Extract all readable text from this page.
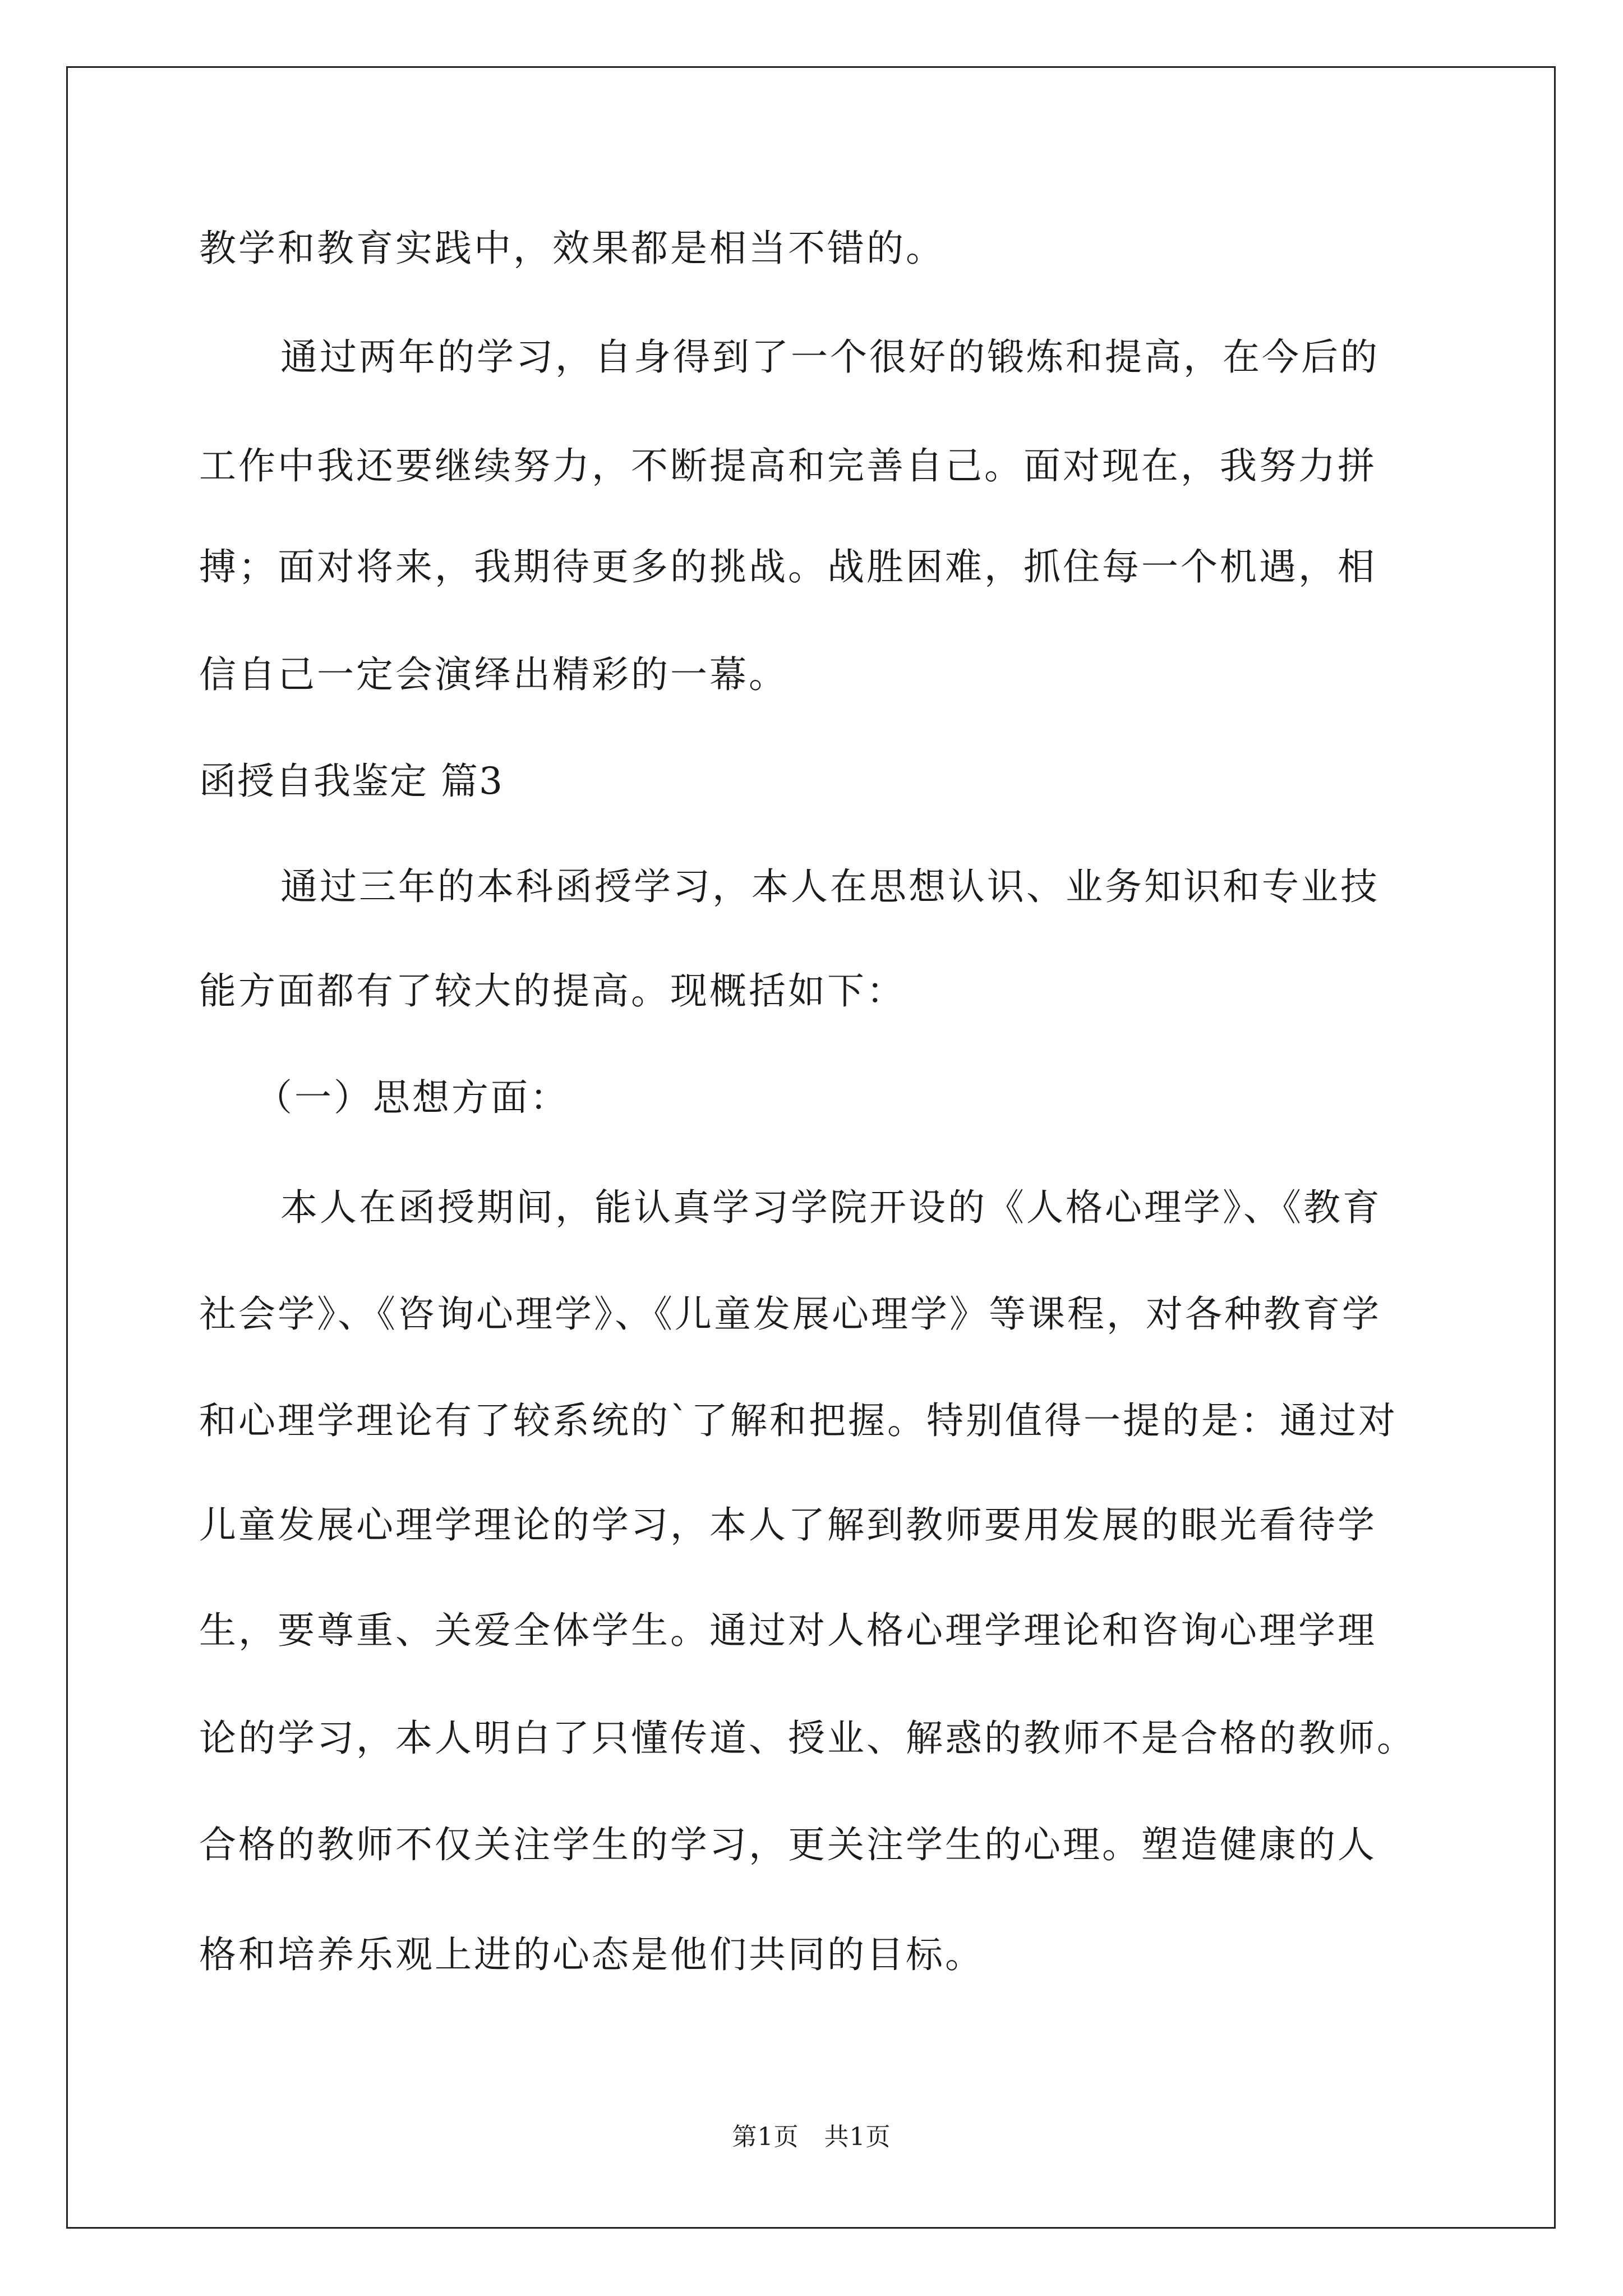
教学和教育实践中，效果都是相当不错的。
通过两年的学习，自身得到了一个很好的锻炼和提高，在今后的
工作中我还要继续努力，不断提高和完善自己。面对现在，我努力拼
搏；面对将来，我期待更多的挑战。战胜困难，抓住每一个机遇，相
信自己一定会演绎出精彩的一幕。
函授自我鉴定 篇3
通过三年的本科函授学习，本人在思想认识、业务知识和专业技
能方面都有了较大的提高。现概括如下：
（一）思想方面：
本人在函授期间，能认真学习学院开设的《人格心理学》、《教育
社会学》、《咨询心理学》、《儿童发展心理学》等课程，对各种教育学
和心理学理论有了较系统的`了解和把握。特别值得一提的是：通过对
儿童发展心理学理论的学习，本人了解到教师要用发展的眼光看待学
生，要尊重、关爱全体学生。通过对人格心理学理论和咨询心理学理
论的学习，本人明白了只懂传道、授业、解惑的教师不是合格的教师。
合格的教师不仅关注学生的学习，更关注学生的心理。塑造健康的人
格和培养乐观上进的心态是他们共同的目标。
第1页　共1页
